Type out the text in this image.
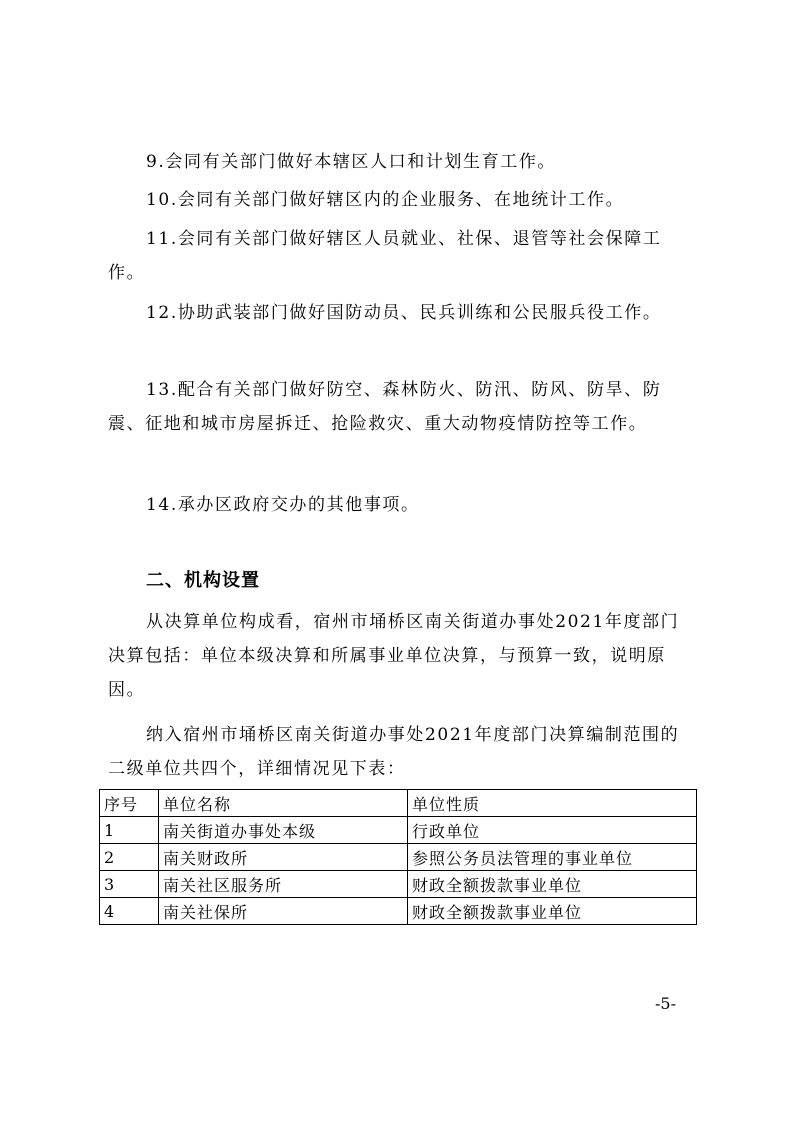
9.会同有关部门做好本辖区人口和计划生育工作。

10.会同有关部门做好辖区内的企业服务、在地统计工作。

11.会同有关部门做好辖区人员就业、社保、退管等社会保障工作。

12.协助武装部门做好国防动员、民兵训练和公民服兵役工作。

13.配合有关部门做好防空、森林防火、防汛、防风、防旱、防震、征地和城市房屋拆迁、抢险救灾、重大动物疫情防控等工作。

14.承办区政府交办的其他事项。

二、机构设置

从决算单位构成看，宿州市埇桥区南关街道办事处2021年度部门决算包括：单位本级决算和所属事业单位决算，与预算一致，说明原因。

纳入宿州市埇桥区南关街道办事处2021年度部门决算编制范围的二级单位共四个，详细情况见下表：

序号	单位名称	单位性质
1	南关街道办事处本级	行政单位
2	南关财政所	参照公务员法管理的事业单位
3	南关社区服务所	财政全额拨款事业单位
4	南关社保所	财政全额拨款事业单位
-5-
